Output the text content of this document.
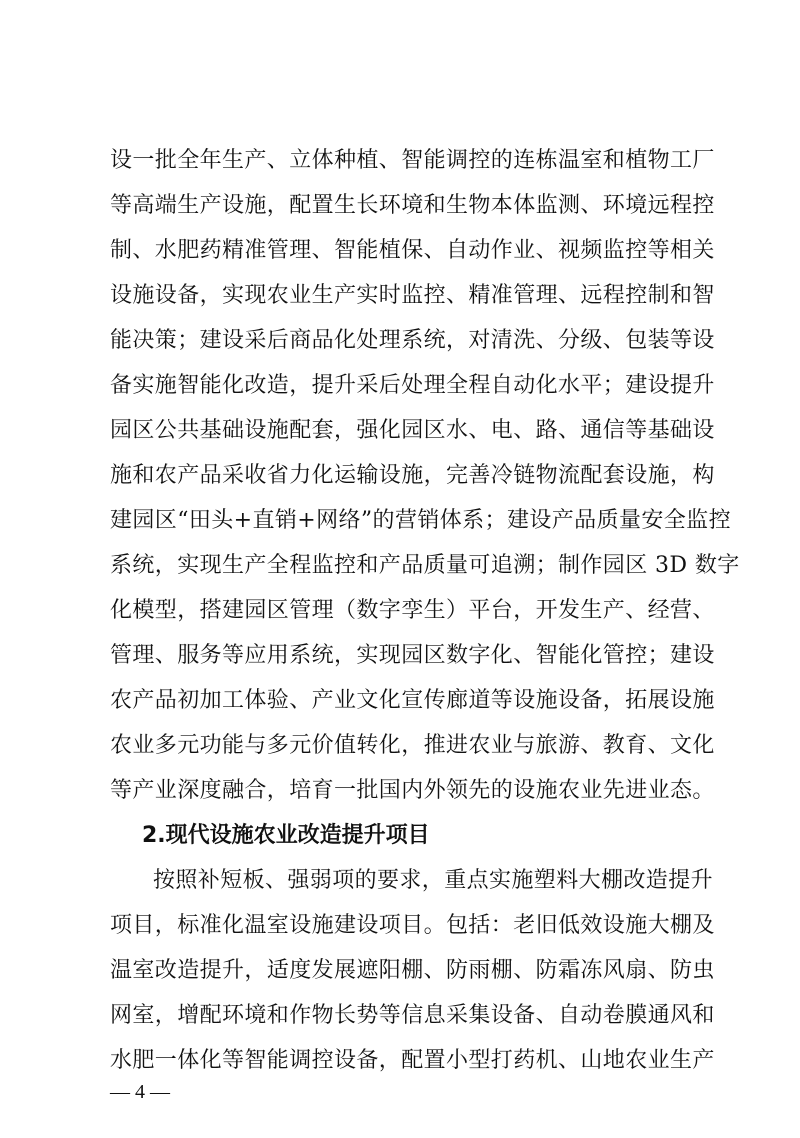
设一批全年生产、立体种植、智能调控的连栋温室和植物工厂
等高端生产设施，配置生长环境和生物本体监测、环境远程控
制、水肥药精准管理、智能植保、自动作业、视频监控等相关
设施设备，实现农业生产实时监控、精准管理、远程控制和智
能决策；建设采后商品化处理系统，对清洗、分级、包装等设
备实施智能化改造，提升采后处理全程自动化水平；建设提升
园区公共基础设施配套，强化园区水、电、路、通信等基础设
施和农产品采收省力化运输设施，完善冷链物流配套设施，构
建园区“田头+直销+网络”的营销体系；建设产品质量安全监控
系统，实现生产全程监控和产品质量可追溯；制作园区 3D 数字
化模型，搭建园区管理（数字孪生）平台，开发生产、经营、
管理、服务等应用系统，实现园区数字化、智能化管控；建设
农产品初加工体验、产业文化宣传廊道等设施设备，拓展设施
农业多元功能与多元价值转化，推进农业与旅游、教育、文化
等产业深度融合，培育一批国内外领先的设施农业先进业态。
2.现代设施农业改造提升项目
按照补短板、强弱项的要求，重点实施塑料大棚改造提升
项目，标准化温室设施建设项目。包括：老旧低效设施大棚及
温室改造提升，适度发展遮阳棚、防雨棚、防霜冻风扇、防虫
网室，增配环境和作物长势等信息采集设备、自动卷膜通风和
水肥一体化等智能调控设备，配置小型打药机、山地农业生产
— 4 —
